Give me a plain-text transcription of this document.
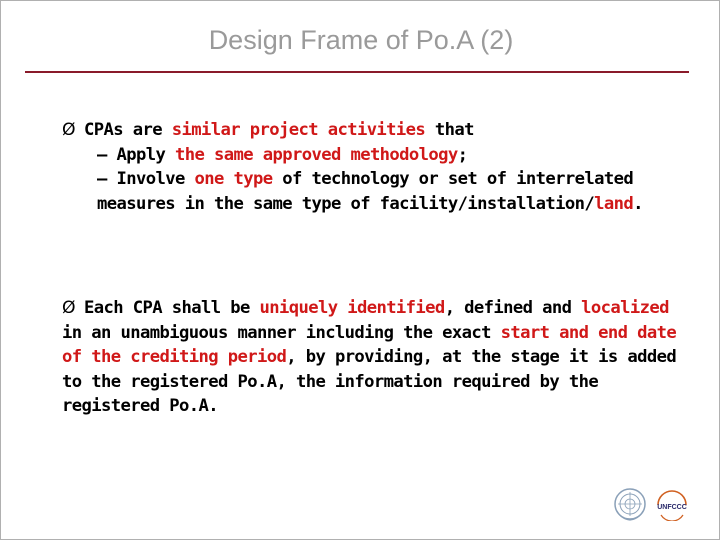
Design Frame of Po.A (2)
Ø CPAs are similar project activities that
– Apply the same approved methodology;
– Involve one type of technology or set of interrelated measures in the same type of facility/installation/land.
Ø Each CPA shall be uniquely identified, defined and localized in an unambiguous manner including the exact start and end date of the crediting period, by providing, at the stage it is added to the registered Po.A, the information required by the registered Po.A.
UNFCCC
